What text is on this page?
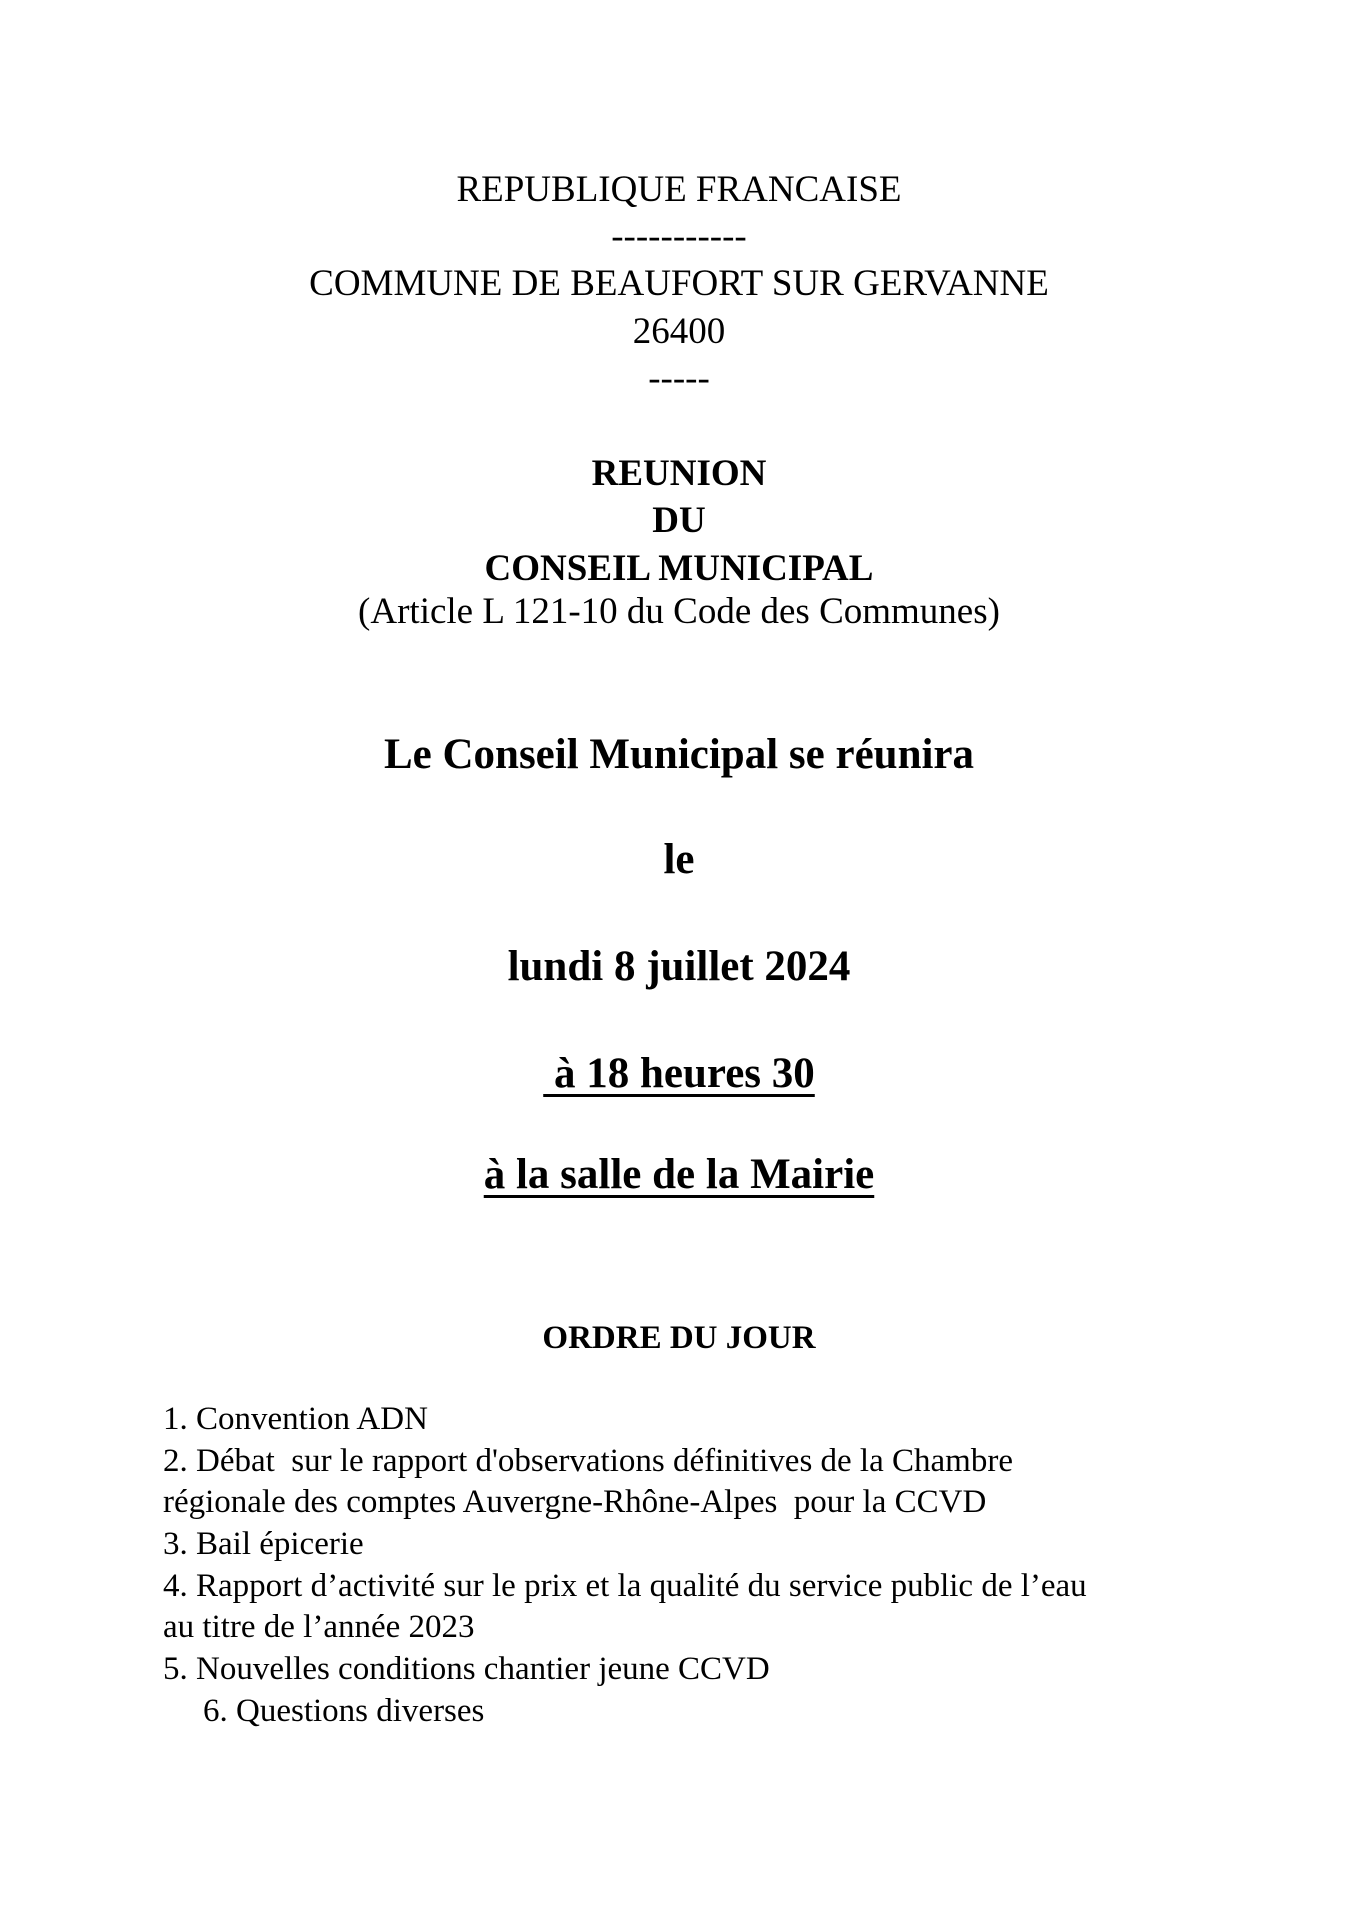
REPUBLIQUE FRANCAISE
-----------
COMMUNE DE BEAUFORT SUR GERVANNE
26400
-----
REUNION
DU
CONSEIL MUNICIPAL
(Article L 121-10 du Code des Communes)
Le Conseil Municipal se réunira
le
lundi 8 juillet 2024
à 18 heures 30
à la salle de la Mairie
ORDRE DU JOUR
1. Convention ADN
2. Débat  sur le rapport d'observations définitives de la Chambre
régionale des comptes Auvergne-Rhône-Alpes  pour la CCVD
3. Bail épicerie
4. Rapport d’activité sur le prix et la qualité du service public de l’eau
au titre de l’année 2023
5. Nouvelles conditions chantier jeune CCVD
6. Questions diverses
